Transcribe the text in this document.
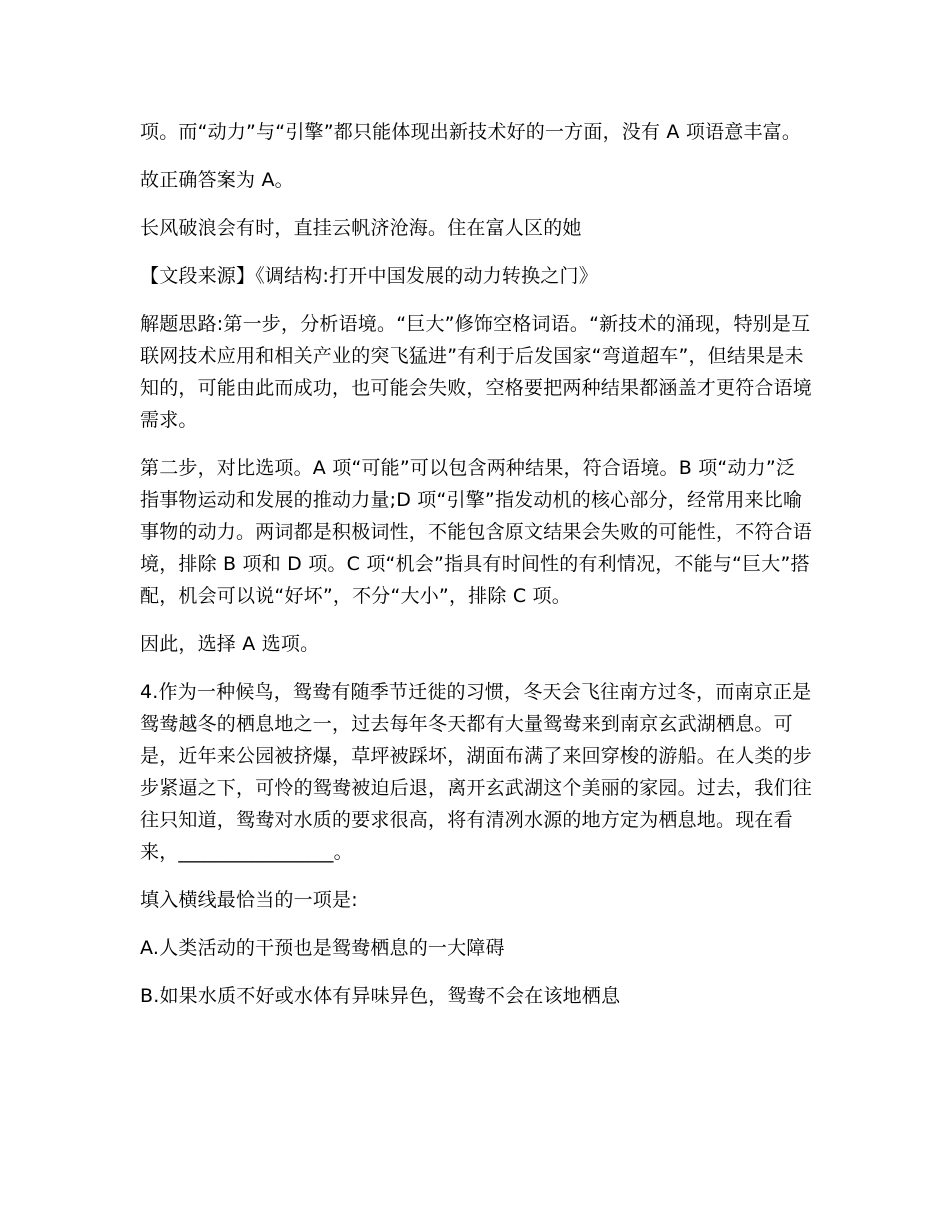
项。而“动力”与“引擎”都只能体现出新技术好的一方面，没有 A 项语意丰富。

故正确答案为 A。

长风破浪会有时，直挂云帆济沧海。住在富人区的她

【文段来源】《调结构:打开中国发展的动力转换之门》

解题思路:第一步，分析语境。“巨大”修饰空格词语。“新技术的涌现，特别是互联网技术应用和相关产业的突飞猛进”有利于后发国家“弯道超车”，但结果是未知的，可能由此而成功，也可能会失败，空格要把两种结果都涵盖才更符合语境需求。

第二步，对比选项。A 项“可能”可以包含两种结果，符合语境。B 项“动力”泛指事物运动和发展的推动力量;D 项“引擎”指发动机的核心部分，经常用来比喻事物的动力。两词都是积极词性，不能包含原文结果会失败的可能性，不符合语境，排除 B 项和 D 项。C 项“机会”指具有时间性的有利情况，不能与“巨大”搭配，机会可以说“好坏”，不分“大小”，排除 C 项。

因此，选择 A 选项。

4.作为一种候鸟，鸳鸯有随季节迁徙的习惯，冬天会飞往南方过冬，而南京正是鸳鸯越冬的栖息地之一，过去每年冬天都有大量鸳鸯来到南京玄武湖栖息。可是，近年来公园被挤爆，草坪被踩坏，湖面布满了来回穿梭的游船。在人类的步步紧逼之下，可怜的鸳鸯被迫后退，离开玄武湖这个美丽的家园。过去，我们往往只知道，鸳鸯对水质的要求很高，将有清冽水源的地方定为栖息地。现在看来，________________。

填入横线最恰当的一项是:

A.人类活动的干预也是鸳鸯栖息的一大障碍

B.如果水质不好或水体有异味异色，鸳鸯不会在该地栖息
